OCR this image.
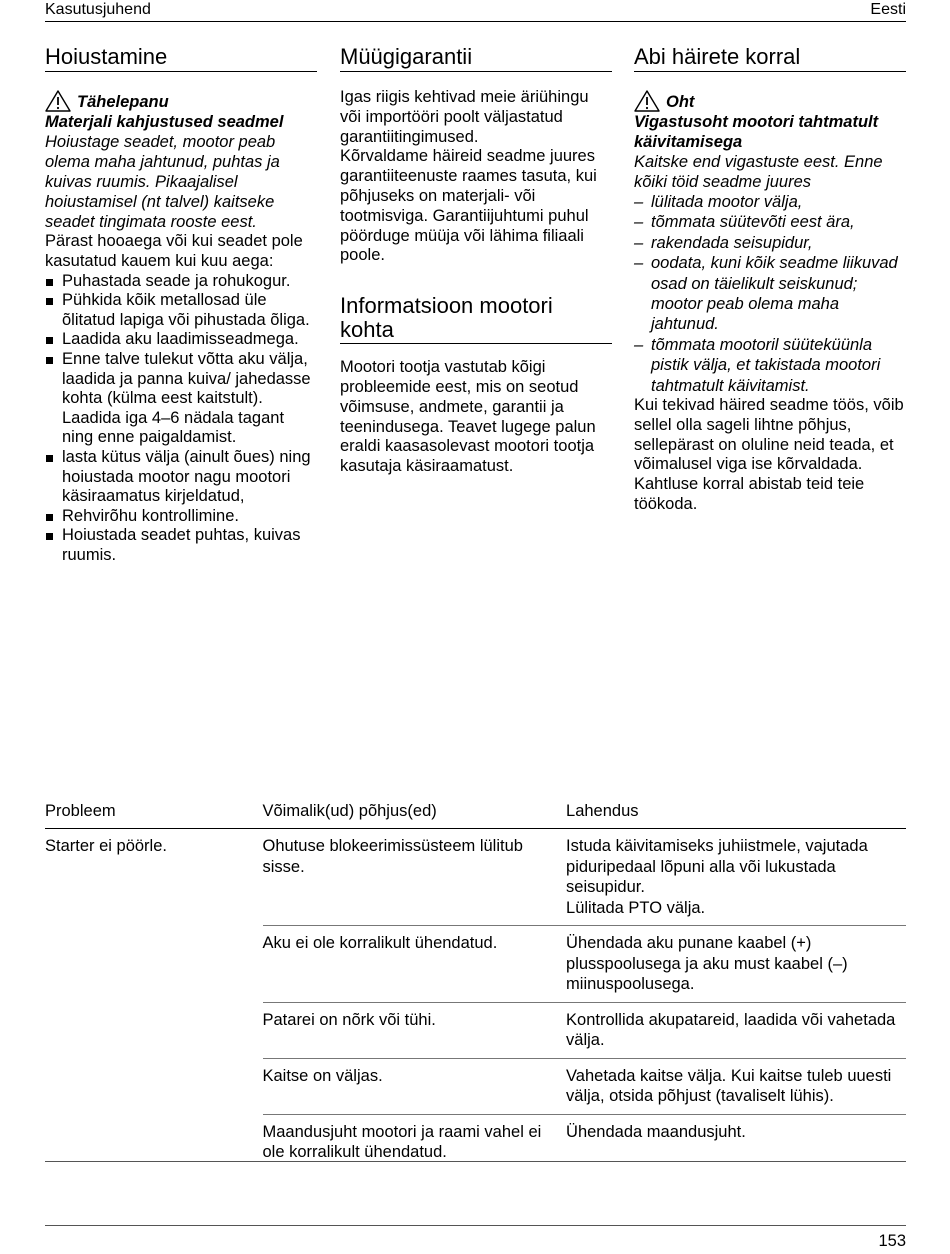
Kasutusjuhend	Eesti
Hoiustamine
Tähelepanu

Materjali kahjustused seadmel

Hoiustage seadet, mootor peab olema maha jahtunud, puhtas ja kuivas ruumis. Pikaajalisel hoiustamisel (nt talvel) kaitseke seadet tingimata rooste eest.

Pärast hooaega või kui seadet pole kasutatud kauem kui kuu aega:

Puhastada seade ja rohukogur.
Pühkida kõik metallosad üle õlitatud lapiga või pihustada õliga.
Laadida aku laadimisseadmega.
Enne talve tulekut võtta aku välja, laadida ja panna kuiva/ jahedasse kohta (külma eest kaitstult). Laadida iga 4–6 nädala tagant ning enne paigaldamist.
lasta kütus välja (ainult õues) ning hoiustada mootor nagu mootori käsiraamatus kirjeldatud,
Rehvirõhu kontrollimine.
Hoiustada seadet puhtas, kuivas ruumis.
Müügigarantii

Igas riigis kehtivad meie äriühingu või importööri poolt väljastatud garantiitingimused.

Kõrvaldame häireid seadme juures garantiiteenuste raames tasuta, kui põhjuseks on materjali- või tootmisviga. Garantiijuhtumi puhul pöörduge müüja või lähima filiaali poole.

Informatsioon mootori kohta

Mootori tootja vastutab kõigi probleemide eest, mis on seotud võimsuse, andmete, garantii ja teenindusega. Teavet lugege palun eraldi kaasasolevast mootori tootja kasutaja käsiraamatust.

Abi häirete korral
Oht

Vigastusoht mootori tahtmatult käivitamisega

Kaitske end vigastuste eest. Enne kõiki töid seadme juures

– lülitada mootor välja,
– tõmmata süütevõti eest ära,
– rakendada seisupidur,
– oodata, kuni kõik seadme liikuvad osad on täielikult seiskunud; mootor peab olema maha jahtunud.
– tõmmata mootoril süüteküünla pistik välja, et takistada mootori tahtmatult käivitamist.

Kui tekivad häired seadme töös, võib sellel olla sageli lihtne põhjus, sellepärast on oluline neid teada, et võimalusel viga ise kõrvaldada. Kahtluse korral abistab teid teie töökoda.

Probleem	Võimalik(ud) põhjus(ed)	Lahendus
Starter ei pöörle.	Ohutuse blokeerimissüsteem lülitub sisse.	Istuda käivitamiseks juhiistmele, vajutada piduripedaal lõpuni alla või lukustada seisupidur.
Lülitada PTO välja.

	Aku ei ole korralikult ühendatud.	Ühendada aku punane kaabel (+) plusspoolusega ja aku must kaabel (–) miinuspoolusega.
	Patarei on nõrk või tühi.	Kontrollida akupatareid, laadida või vahetada välja.
	Kaitse on väljas.	Vahetada kaitse välja. Kui kaitse tuleb uuesti välja, otsida põhjust (tavaliselt lühis).
	Maandusjuht mootori ja raami vahel ei ole korralikult ühendatud.	Ühendada maandusjuht.
153
